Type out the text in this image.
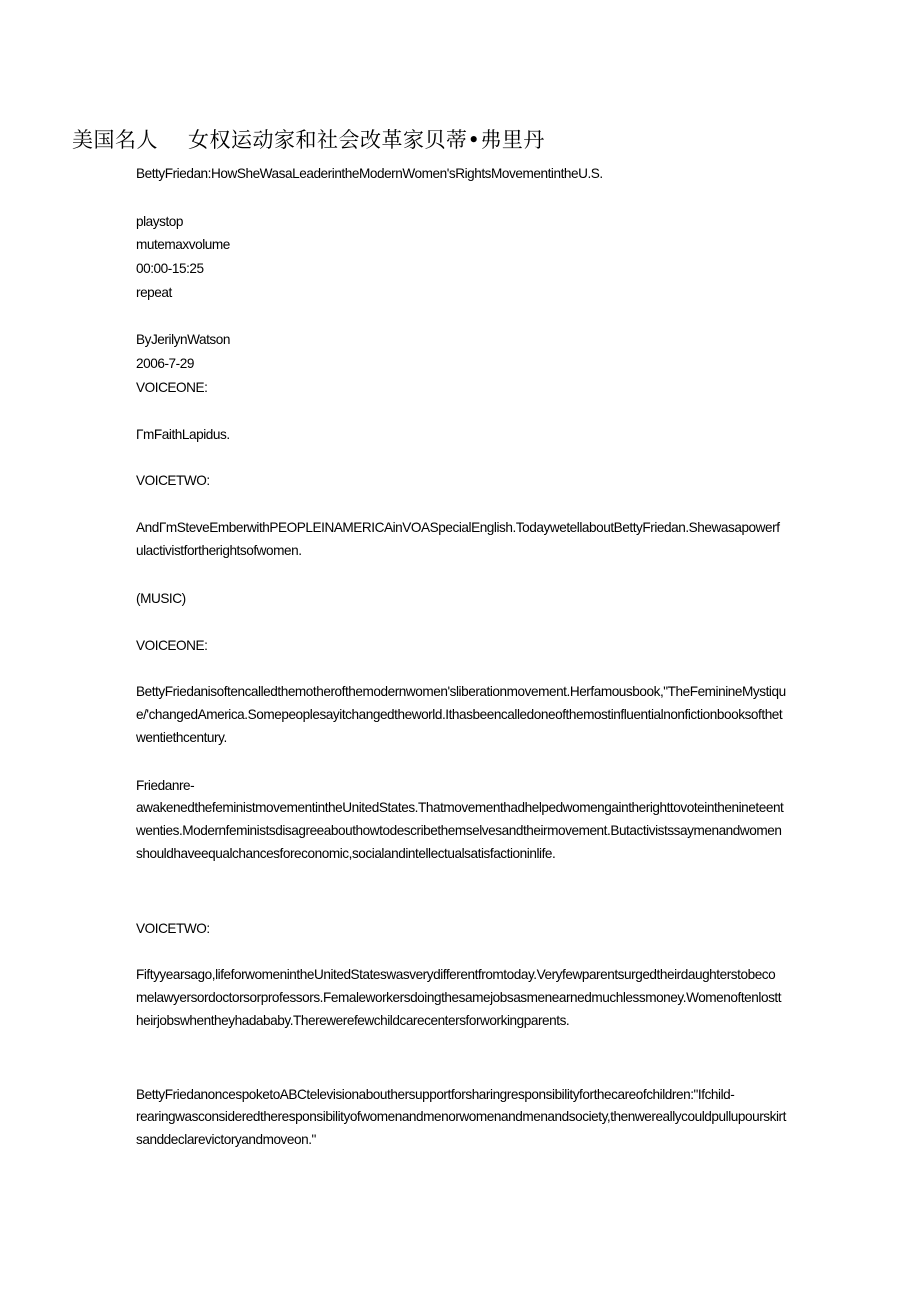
美国名人 女权运动家和社会改革家贝蒂•弗里丹
BettyFriedan:HowSheWasaLeaderintheModernWomen'sRightsMovementintheU.S.
playstop
mutemaxvolume
00:00-15:25
repeat
ByJerilynWatson
2006-7-29
VOICEONE:
ΓmFaithLapidus.
VOICETWO:
AndΓmSteveEmberwithPEOPLEINAMERICAinVOASpecialEnglish.TodaywetellaboutBettyFriedan.Shewasapowerfulactivistfortherightsofwomen.
(MUSIC)
VOICEONE:
BettyFriedanisoftencalledthemotherofthemodernwomen'sliberationmovement.Herfamousbook,"TheFeminineMystique/'changedAmerica.Somepeoplesayitchangedtheworld.Ithasbeencalledoneofthemostinfluentialnonfictionbooksofthetwentiethcentury.
Friedanre-
awakenedthefeministmovementintheUnitedStates.Thatmovementhadhelpedwomengaintherighttovoteinthenineteentwenties.Modernfeministsdisagreeabouthowtodescribethemselvesandtheirmovement.Butactivistssaymenandwomenshouldhaveequalchancesforeconomic,socialandintellectualsatisfactioninlife.
VOICETWO:
Fiftyyearsago,lifeforwomenintheUnitedStateswasverydifferentfromtoday.Veryfewparentsurgedtheirdaughterstobecomelawyersordoctorsorprofessors.Femaleworkersdoingthesamejobsasmenearnedmuchlessmoney.Womenoftenlosttheirjobswhentheyhadababy.Therewerefewchildcarecentersforworkingparents.
BettyFriedanoncespoketoABCtelevisionabouthersupportforsharingresponsibilityforthecareofchildren:"Ifchild-
rearingwasconsideredtheresponsibilityofwomenandmenorwomenandmenandsociety,thenwereallycouldpullupourskirtsanddeclarevictoryandmoveon."
